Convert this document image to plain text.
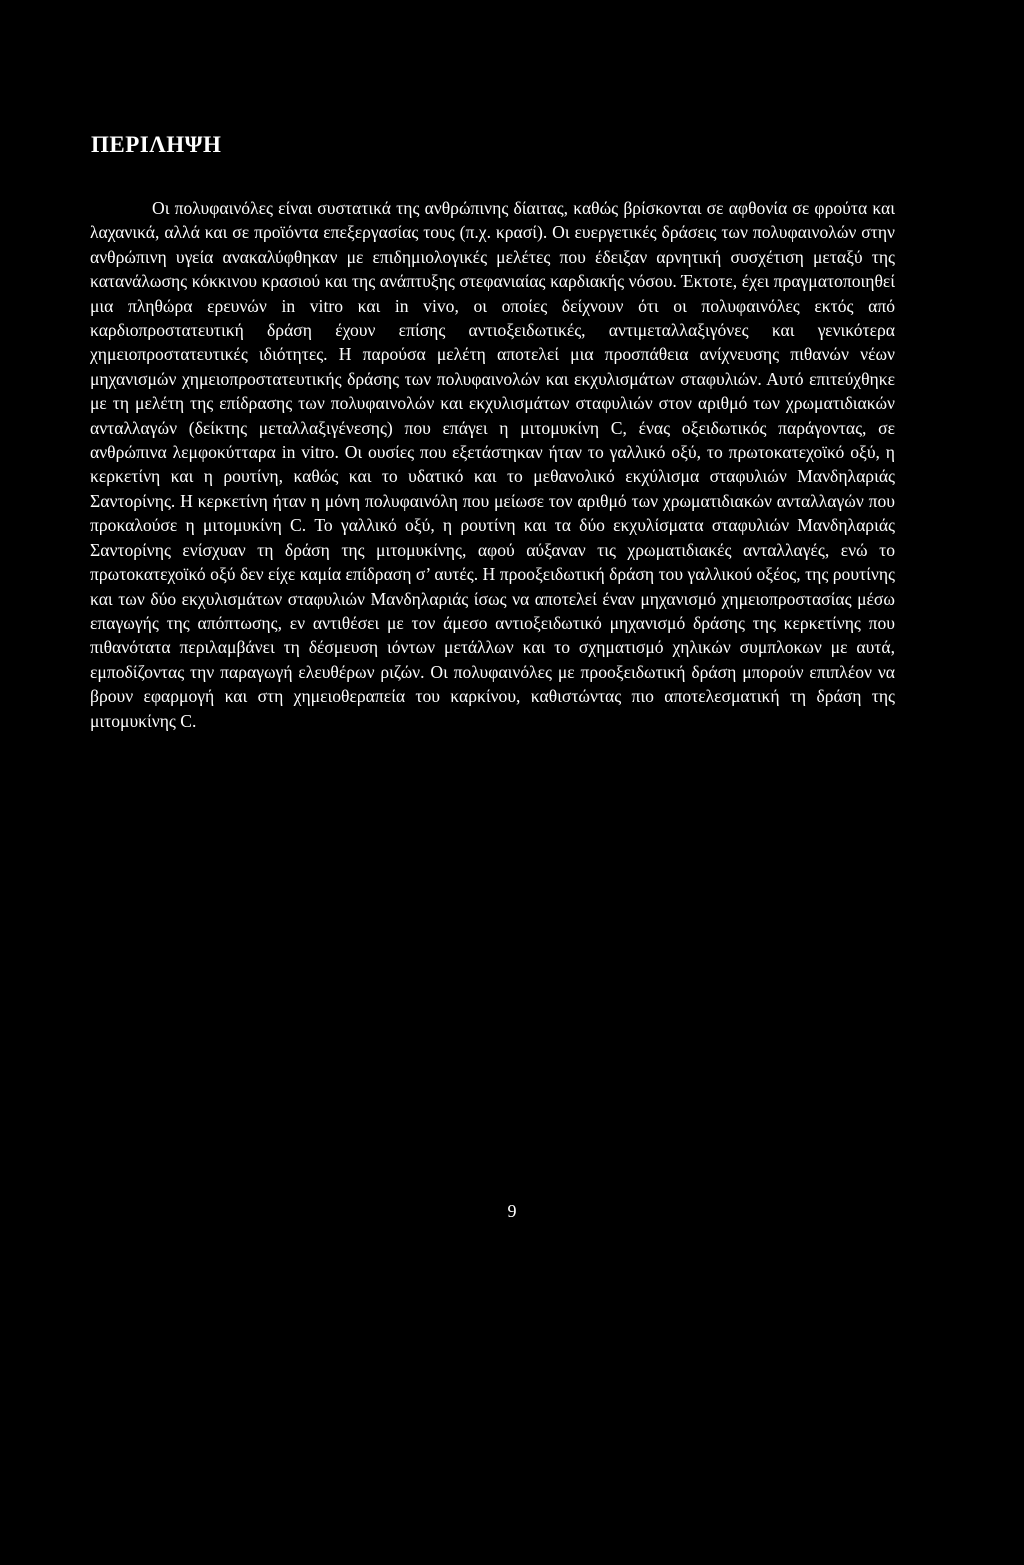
ΠΕΡΙΛΗΨΗ

Οι πολυφαινόλες είναι συστατικά της ανθρώπινης δίαιτας, καθώς βρίσκονται σε αφθονία σε φρούτα και λαχανικά, αλλά και σε προϊόντα επεξεργασίας τους (π.χ. κρασί). Οι ευεργετικές δράσεις των πολυφαινολών στην ανθρώπινη υγεία ανακαλύφθηκαν με επιδημιολογικές μελέτες που έδειξαν αρνητική συσχέτιση μεταξύ της κατανάλωσης κόκκινου κρασιού και της ανάπτυξης στεφανιαίας καρδιακής νόσου. Έκτοτε, έχει πραγματοποιηθεί μια πληθώρα ερευνών in vitro και in vivo, οι οποίες δείχνουν ότι οι πολυφαινόλες εκτός από καρδιοπροστατευτική δράση έχουν επίσης αντιοξειδωτικές, αντιμεταλλαξιγόνες και γενικότερα χημειοπροστατευτικές ιδιότητες. Η παρούσα μελέτη αποτελεί μια προσπάθεια ανίχνευσης πιθανών νέων μηχανισμών χημειοπροστατευτικής δράσης των πολυφαινολών και εκχυλισμάτων σταφυλιών. Αυτό επιτεύχθηκε με τη μελέτη της επίδρασης των πολυφαινολών και εκχυλισμάτων σταφυλιών στον αριθμό των χρωματιδιακών ανταλλαγών (δείκτης μεταλλαξιγένεσης) που επάγει η μιτομυκίνη C, ένας οξειδωτικός παράγοντας, σε ανθρώπινα λεμφοκύτταρα in vitro. Οι ουσίες που εξετάστηκαν ήταν το γαλλικό οξύ, το πρωτοκατεχοϊκό οξύ, η κερκετίνη και η ρουτίνη, καθώς και το υδατικό και το μεθανολικό εκχύλισμα σταφυλιών Μανδηλαριάς Σαντορίνης. Η κερκετίνη ήταν η μόνη πολυφαινόλη που μείωσε τον αριθμό των χρωματιδιακών ανταλλαγών που προκαλούσε η μιτομυκίνη C. Το γαλλικό οξύ, η ρουτίνη και τα δύο εκχυλίσματα σταφυλιών Μανδηλαριάς Σαντορίνης ενίσχυαν τη δράση της μιτομυκίνης, αφού αύξαναν τις χρωματιδιακές ανταλλαγές, ενώ το πρωτοκατεχοϊκό οξύ δεν είχε καμία επίδραση σ’ αυτές. Η προοξειδωτική δράση του γαλλικού οξέος, της ρουτίνης και των δύο εκχυλισμάτων σταφυλιών Μανδηλαριάς ίσως να αποτελεί έναν μηχανισμό χημειοπροστασίας μέσω επαγωγής της απόπτωσης, εν αντιθέσει με τον άμεσο αντιοξειδωτικό μηχανισμό δράσης της κερκετίνης που πιθανότατα περιλαμβάνει τη δέσμευση ιόντων μετάλλων και το σχηματισμό χηλικών συμπλοκων με αυτά, εμποδίζοντας την παραγωγή ελευθέρων ριζών. Οι πολυφαινόλες με προοξειδωτική δράση μπορούν επιπλέον να βρουν εφαρμογή και στη χημειοθεραπεία του καρκίνου, καθιστώντας πιο αποτελεσματική τη δράση της μιτομυκίνης C.

9
